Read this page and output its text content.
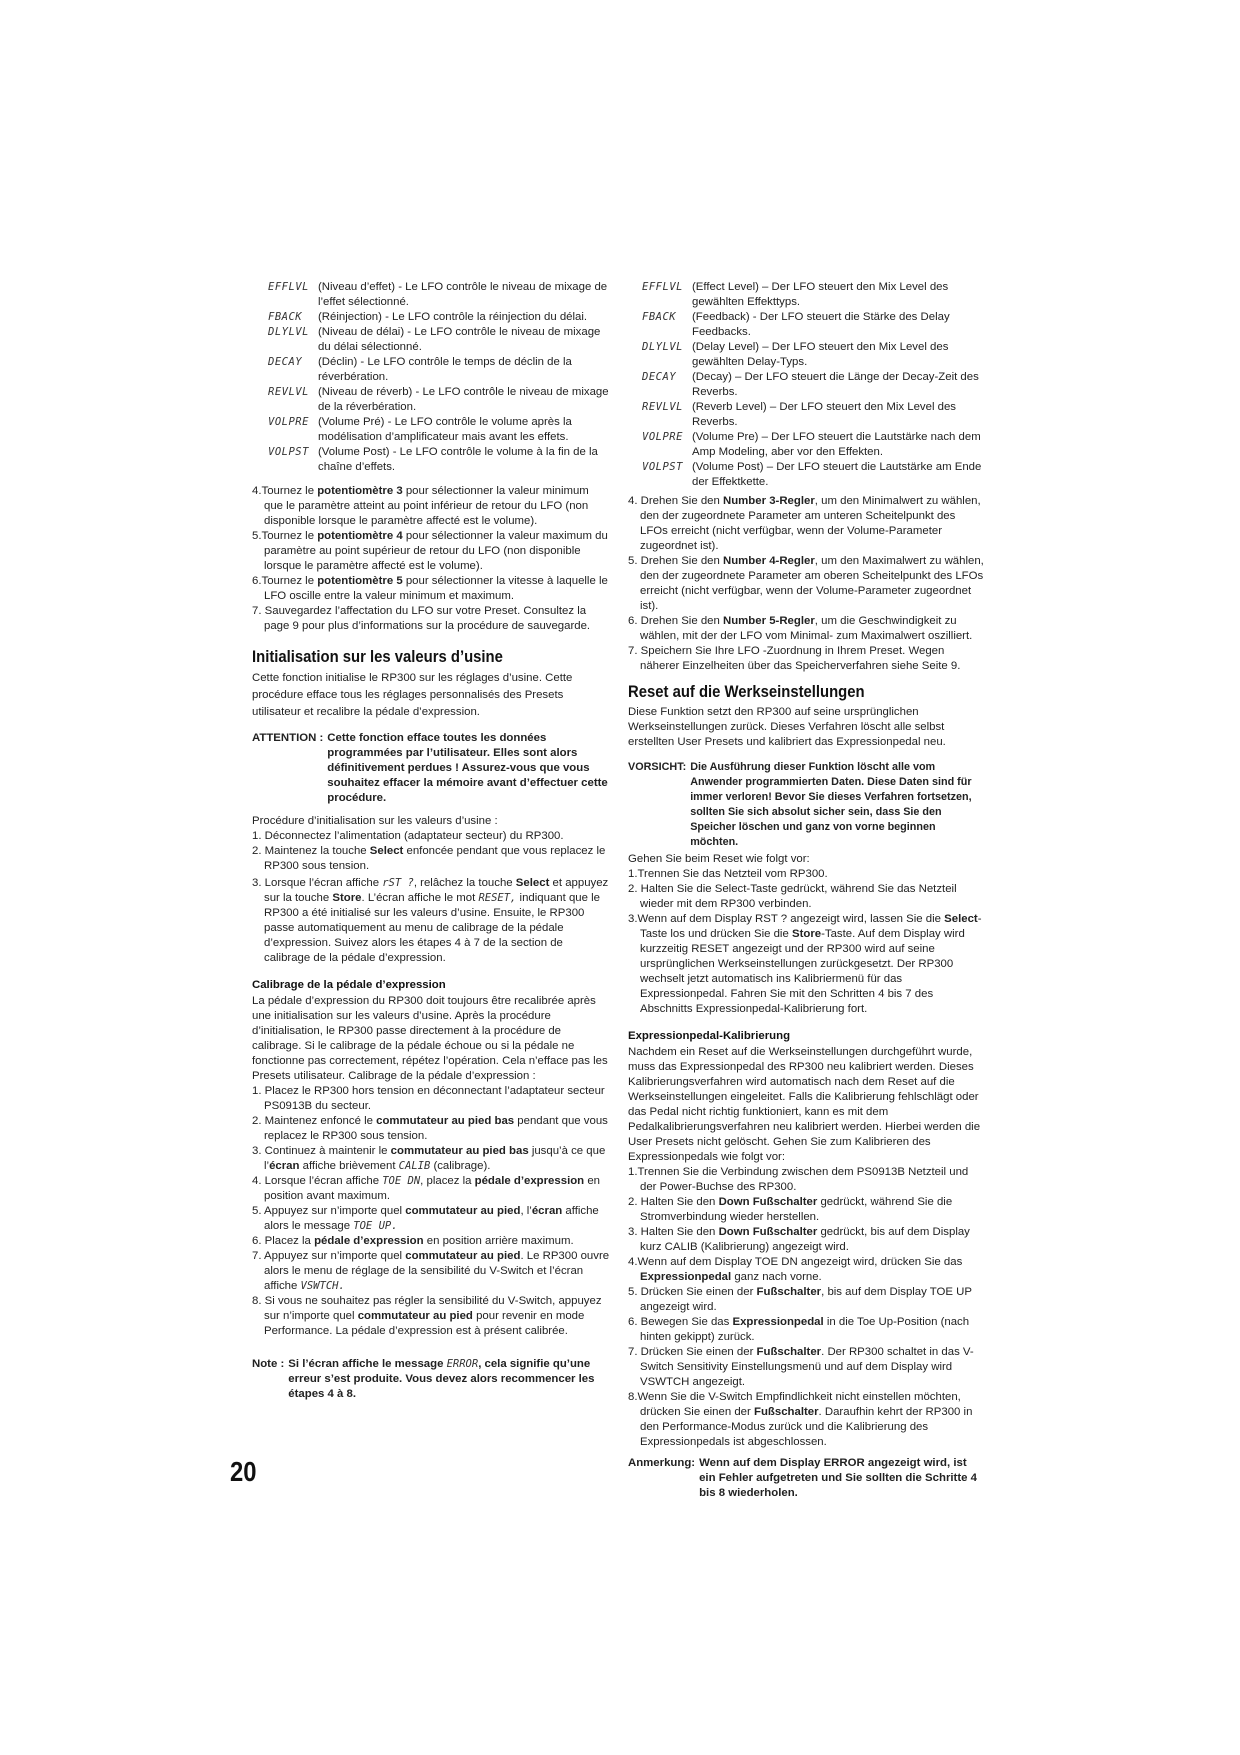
EFFLVL (Niveau d’effet) - Le LFO contrôle le niveau de mixage de l’effet sélectionné.
FBACK	(Réinjection) - Le LFO contrôle la réinjection du délai.
DLYLVL (Niveau de délai) - Le LFO contrôle le niveau de mixage du délai sélectionné.
DECAY	(Déclin) - Le LFO contrôle le temps de déclin de la réverbération.
REVLVL (Niveau de réverb) - Le LFO contrôle le niveau de mixage de la réverbération.
VOLPRE (Volume Pré) - Le LFO contrôle le volume après la modélisation d’amplificateur mais avant les effets.
VOLPST (Volume Post) - Le LFO contrôle le volume à la fin de la chaîne d’effets.
4.Tournez le potentiomètre 3 pour sélectionner la valeur minimum que le paramètre atteint au point inférieur de retour du LFO (non disponible lorsque le paramètre affecté est le volume).
5.Tournez le potentiomètre 4 pour sélectionner la valeur maximum du paramètre au point supérieur de retour du LFO (non disponible lorsque le paramètre affecté est le volume).
6.Tournez le potentiomètre 5 pour sélectionner la vitesse à laquelle le LFO oscille entre la valeur minimum et maximum.
7. Sauvegardez l’affectation du LFO sur votre Preset. Consultez la page 9 pour plus d’informations sur la procédure de sauvegarde.
Initialisation sur les valeurs d’usine

Cette fonction initialise le RP300 sur les réglages d’usine. Cette procédure efface tous les réglages personnalisés des Presets utilisateur et recalibre la pédale d’expression.

ATTENTION : Cette fonction efface toutes les données programmées par l’utilisateur. Elles sont alors définitivement perdues ! Assurez-vous que vous souhaitez effacer la mémoire avant d’effectuer cette procédure.

Procédure d’initialisation sur les valeurs d’usine :

1. Déconnectez l’alimentation (adaptateur secteur) du RP300.
2. Maintenez la touche Select enfoncée pendant que vous replacez le RP300 sous tension.
3. Lorsque l’écran affiche rST ?, relâchez la touche Select et appuyez sur la touche Store. L’écran affiche le mot RESET, indiquant que le RP300 a été initialisé sur les valeurs d’usine. Ensuite, le RP300 passe automatiquement au menu de calibrage de la pédale d’expression. Suivez alors les étapes 4 à 7 de la section de calibrage de la pédale d’expression.
Calibrage de la pédale d’expression

La pédale d’expression du RP300 doit toujours être recalibrée après une initialisation sur les valeurs d’usine. Après la procédure d’initialisation, le RP300 passe directement à la procédure de calibrage. Si le calibrage de la pédale échoue ou si la pédale ne fonctionne pas correctement, répétez l’opération. Cela n’efface pas les Presets utilisateur. Calibrage de la pédale d’expression :

1. Placez le RP300 hors tension en déconnectant l’adaptateur secteur PS0913B du secteur.
2. Maintenez enfoncé le commutateur au pied bas pendant que vous replacez le RP300 sous tension.
3. Continuez à maintenir le commutateur au pied bas jusqu’à ce que l’écran affiche brièvement CALIB (calibrage).
4. Lorsque l’écran affiche TOE DN, placez la pédale d’expression en position avant maximum.
5. Appuyez sur n’importe quel commutateur au pied, l’écran affiche alors le message TOE UP.
6. Placez la pédale d’expression en position arrière maximum.
7. Appuyez sur n’importe quel commutateur au pied. Le RP300 ouvre alors le menu de réglage de la sensibilité du V-Switch et l’écran affiche VSWTCH.
8. Si vous ne souhaitez pas régler la sensibilité du V-Switch, appuyez sur n’importe quel commutateur au pied pour revenir en mode Performance. La pédale d’expression est à présent calibrée.
Note : Si l’écran affiche le message ERROR, cela signifie qu’une erreur s’est produite. Vous devez alors recommencer les étapes 4 à 8.
EFFLVL (Effect Level) – Der LFO steuert den Mix Level des gewählten Effekttyps.
FBACK	(Feedback) - Der LFO steuert die Stärke des Delay Feedbacks.
DLYLVL (Delay Level) – Der LFO steuert den Mix Level des gewählten Delay-Typs.
DECAY	(Decay) – Der LFO steuert die Länge der Decay-Zeit des Reverbs.
REVLVL (Reverb Level) – Der LFO steuert den Mix Level des Reverbs.
VOLPRE (Volume Pre) – Der LFO steuert die Lautstärke nach dem Amp Modeling, aber vor den Effekten.
VOLPST (Volume Post) – Der LFO steuert die Lautstärke am Ende der Effektkette.
4. Drehen Sie den Number 3-Regler, um den Minimalwert zu wählen, den der zugeordnete Parameter am unteren Scheitelpunkt des LFOs erreicht (nicht verfügbar, wenn der Volume-Parameter zugeordnet ist).
5. Drehen Sie den Number 4-Regler, um den Maximalwert zu wählen, den der zugeordnete Parameter am oberen Scheitelpunkt des LFOs erreicht (nicht verfügbar, wenn der Volume-Parameter zugeordnet ist).
6. Drehen Sie den Number 5-Regler, um die Geschwindigkeit zu wählen, mit der der LFO vom Minimal- zum Maximalwert oszilliert.
7. Speichern Sie Ihre LFO -Zuordnung in Ihrem Preset. Wegen näherer Einzelheiten über das Speicherverfahren siehe Seite 9.
Reset auf die Werkseinstellungen

Diese Funktion setzt den RP300 auf seine ursprünglichen Werkseinstellungen zurück. Dieses Verfahren löscht alle selbst erstellten User Presets und kalibriert das Expressionpedal neu.

VORSICHT: Die Ausführung dieser Funktion löscht alle vom Anwender programmierten Daten. Diese Daten sind für immer verloren! Bevor Sie dieses Verfahren fortsetzen, sollten Sie sich absolut sicher sein, dass Sie den Speicher löschen und ganz von vorne beginnen möchten.

Gehen Sie beim Reset wie folgt vor:

1.Trennen Sie das Netzteil vom RP300.
2. Halten Sie die Select-Taste gedrückt, während Sie das Netzteil wieder mit dem RP300 verbinden.
3.Wenn auf dem Display RST ? angezeigt wird, lassen Sie die Select-Taste los und drücken Sie die Store-Taste. Auf dem Display wird kurzzeitig RESET angezeigt und der RP300 wird auf seine ursprünglichen Werkseinstellungen zurückgesetzt. Der RP300 wechselt jetzt automatisch ins Kalibriermenü für das Expressionpedal. Fahren Sie mit den Schritten 4 bis 7 des Abschnitts Expressionpedal-Kalibrierung fort.
Expressionpedal-Kalibrierung

Nachdem ein Reset auf die Werkseinstellungen durchgeführt wurde, muss das Expressionpedal des RP300 neu kalibriert werden. Dieses Kalibrierungsverfahren wird automatisch nach dem Reset auf die Werkseinstellungen eingeleitet. Falls die Kalibrierung fehlschlägt oder das Pedal nicht richtig funktioniert, kann es mit dem Pedalkalibrierungsverfahren neu kalibriert werden. Hierbei werden die User Presets nicht gelöscht. Gehen Sie zum Kalibrieren des Expressionpedals wie folgt vor:

1.Trennen Sie die Verbindung zwischen dem PS0913B Netzteil und der Power-Buchse des RP300.
2. Halten Sie den Down Fußschalter gedrückt, während Sie die Stromverbindung wieder herstellen.
3. Halten Sie den Down Fußschalter gedrückt, bis auf dem Display kurz CALIB (Kalibrierung) angezeigt wird.
4.Wenn auf dem Display TOE DN angezeigt wird, drücken Sie das Expressionpedal ganz nach vorne.
5. Drücken Sie einen der Fußschalter, bis auf dem Display TOE UP angezeigt wird.
6. Bewegen Sie das Expressionpedal in die Toe Up-Position (nach hinten gekippt) zurück.
7. Drücken Sie einen der Fußschalter. Der RP300 schaltet in das V-Switch Sensitivity Einstellungsmenü und auf dem Display wird VSWTCH angezeigt.
8.Wenn Sie die V-Switch Empfindlichkeit nicht einstellen möchten, drücken Sie einen der Fußschalter. Daraufhin kehrt der RP300 in den Performance-Modus zurück und die Kalibrierung des Expressionpedals ist abgeschlossen.
Anmerkung: Wenn auf dem Display ERROR angezeigt wird, ist ein Fehler aufgetreten und Sie sollten die Schritte 4 bis 8 wiederholen.
20
